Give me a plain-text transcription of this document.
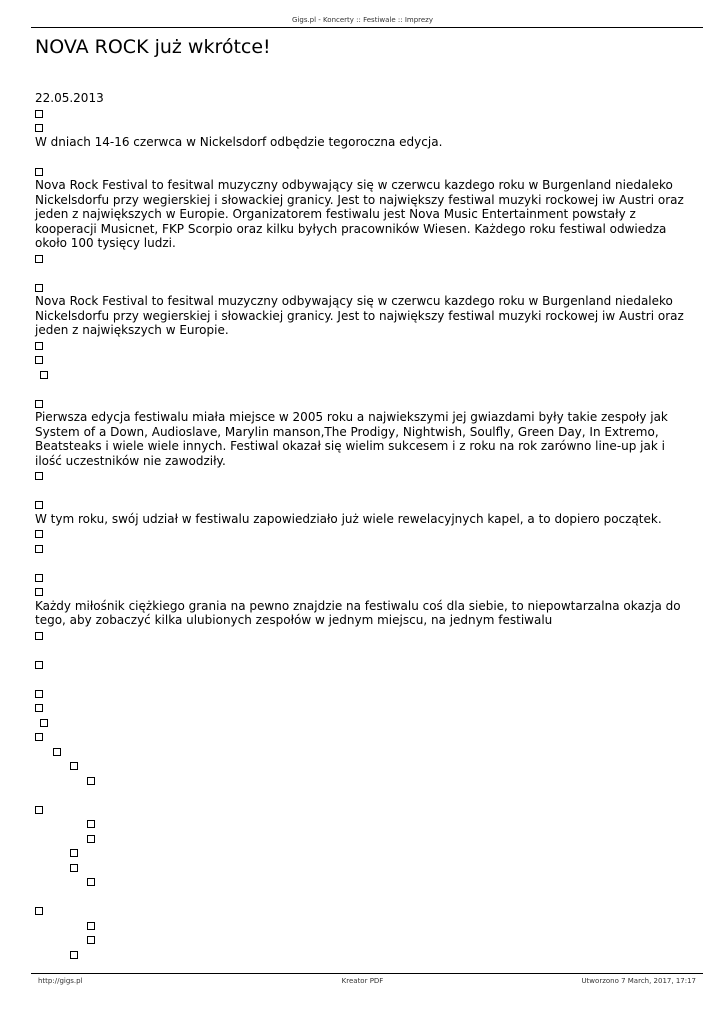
Gigs.pl - Koncerty :: Festiwale :: Imprezy
NOVA ROCK już wkrótce!
22.05.2013
W dniach 14-16 czerwca w Nickelsdorf odbędzie tegoroczna edycja.
Nova Rock Festival to fesitwal muzyczny odbywający się w czerwcu kazdego roku w Burgenland niedaleko Nickelsdorfu przy wegierskiej i słowackiej granicy. Jest to największy festiwal muzyki rockowej iw Austri oraz jeden z największych w Europie. Organizatorem festiwalu jest Nova Music Entertainment powstały z kooperacji Musicnet, FKP Scorpio oraz kilku byłych pracowników Wiesen. Każdego roku festiwal odwiedza około 100 tysięcy ludzi.
Nova Rock Festival to fesitwal muzyczny odbywający się w czerwcu kazdego roku w Burgenland niedaleko Nickelsdorfu przy wegierskiej i słowackiej granicy. Jest to największy festiwal muzyki rockowej iw Austri oraz jeden z największych w Europie.
Pierwsza edycja festiwalu miała miejsce w 2005 roku a najwiekszymi jej gwiazdami były takie zespoły jak System of a Down, Audioslave, Marylin manson,The Prodigy, Nightwish, Soulfly, Green Day, In Extremo, Beatsteaks i wiele wiele innych. Festiwal okazał się wielim sukcesem i z roku na rok zarówno line-up jak i ilość uczestników nie zawodziły.
W tym roku, swój udział w festiwalu zapowiedziało już wiele rewelacyjnych kapel, a to dopiero początek.
Każdy miłośnik ciężkiego grania na pewno znajdzie na festiwalu coś dla siebie, to niepowtarzalna okazja do tego, aby zobaczyć kilka ulubionych zespołów w jednym miejscu, na jednym festiwalu
http://gigs.pl	Kreator PDF	Utworzono 7 March, 2017, 17:17
